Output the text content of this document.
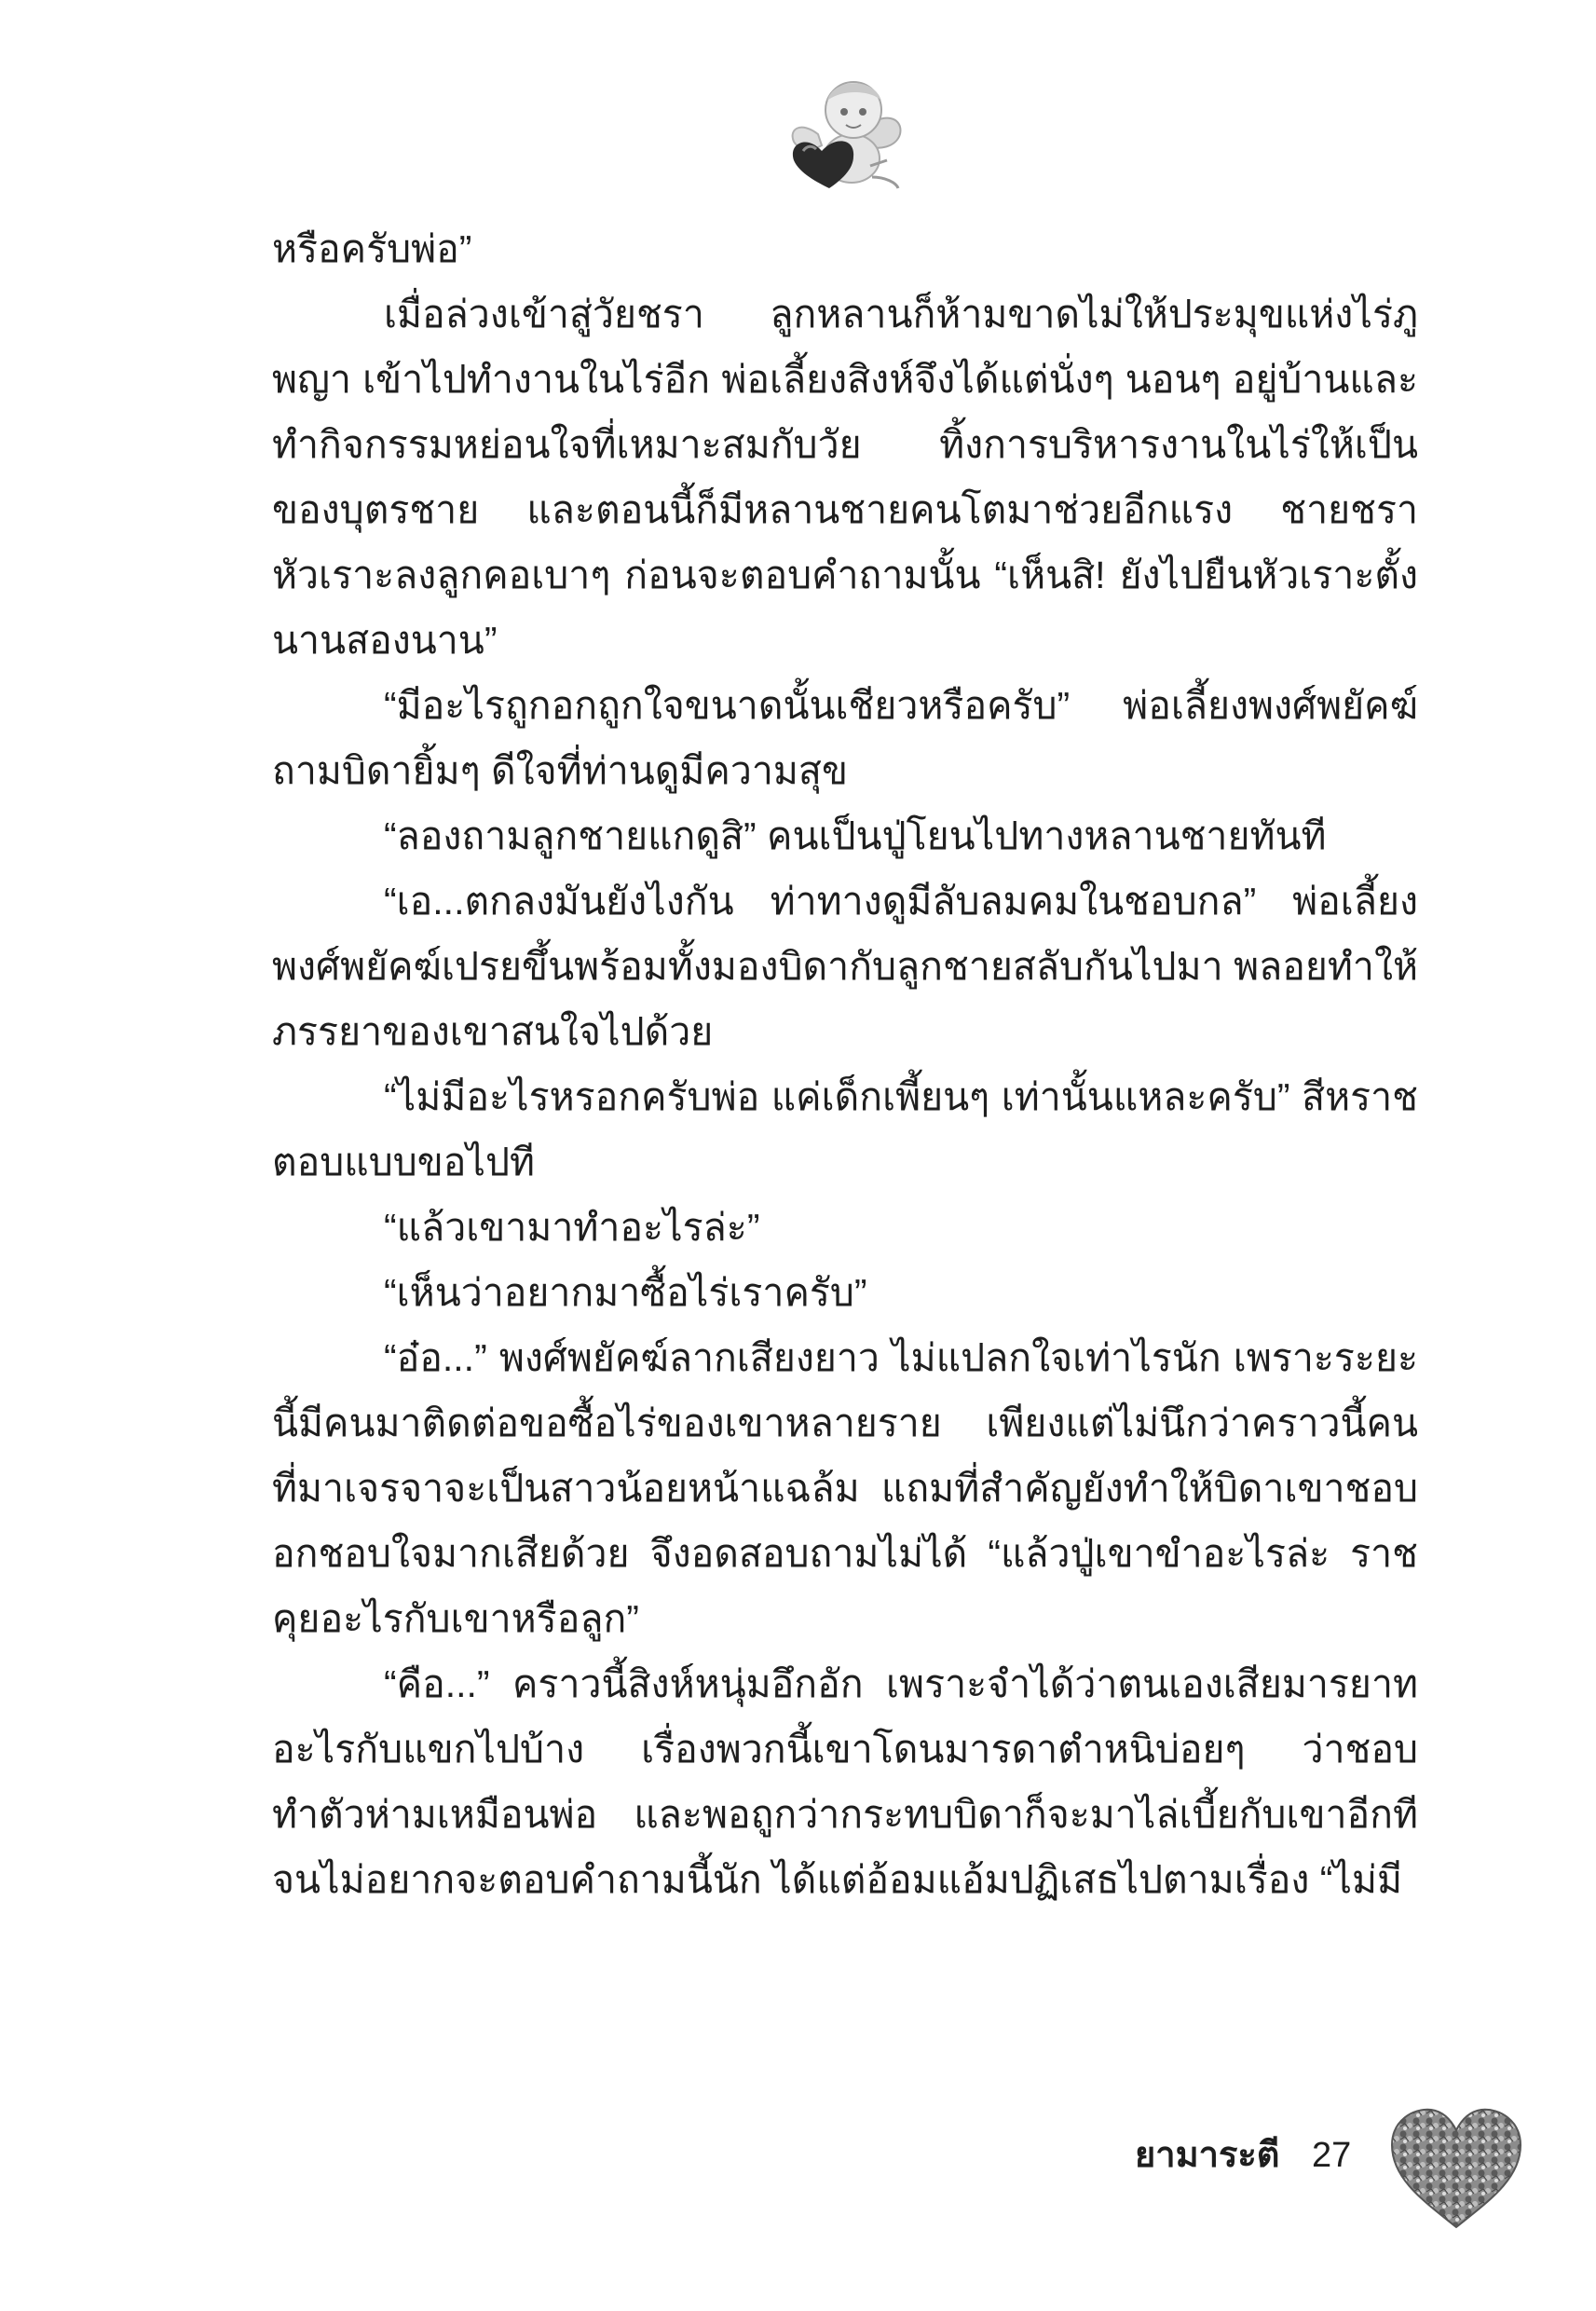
หรือครับพ่อ”

เมื่อล่วงเข้าสู่วัยชรา ลูกหลานก็ห้ามขาดไม่ให้ประมุขแห่งไร่ภูพญา เข้าไปทำงานในไร่อีก พ่อเลี้ยงสิงห์จึงได้แต่นั่งๆ นอนๆ อยู่บ้านและทำกิจกรรมหย่อนใจที่เหมาะสมกับวัย ทิ้งการบริหารงานในไร่ให้เป็นของบุตรชาย และตอนนี้ก็มีหลานชายคนโตมาช่วยอีกแรง ชายชราหัวเราะลงลูกคอเบาๆ ก่อนจะตอบคำถามนั้น “เห็นสิ! ยังไปยืนหัวเราะตั้งนานสองนาน”

“มีอะไรถูกอกถูกใจขนาดนั้นเชียวหรือครับ” พ่อเลี้ยงพงศ์พยัคฆ์ถามบิดายิ้มๆ ดีใจที่ท่านดูมีความสุข

“ลองถามลูกชายแกดูสิ” คนเป็นปู่โยนไปทางหลานชายทันที

“เอ...ตกลงมันยังไงกัน ท่าทางดูมีลับลมคมในชอบกล” พ่อเลี้ยงพงศ์พยัคฆ์เปรยขึ้นพร้อมทั้งมองบิดากับลูกชายสลับกันไปมา พลอยทำให้ภรรยาของเขาสนใจไปด้วย

“ไม่มีอะไรหรอกครับพ่อ แค่เด็กเพี้ยนๆ เท่านั้นแหละครับ” สีหราชตอบแบบขอไปที

“แล้วเขามาทำอะไรล่ะ”

“เห็นว่าอยากมาซื้อไร่เราครับ”

“อ๋อ...” พงศ์พยัคฆ์ลากเสียงยาว ไม่แปลกใจเท่าไรนัก เพราะระยะนี้มีคนมาติดต่อขอซื้อไร่ของเขาหลายราย เพียงแต่ไม่นึกว่าคราวนี้คนที่มาเจรจาจะเป็นสาวน้อยหน้าแฉล้ม แถมที่สำคัญยังทำให้บิดาเขาชอบอกชอบใจมากเสียด้วย จึงอดสอบถามไม่ได้ “แล้วปู่เขาขำอะไรล่ะ ราชคุยอะไรกับเขาหรือลูก”

“คือ...” คราวนี้สิงห์หนุ่มอึกอัก เพราะจำได้ว่าตนเองเสียมารยาทอะไรกับแขกไปบ้าง เรื่องพวกนี้เขาโดนมารดาตำหนิบ่อยๆ ว่าชอบทำตัวห่ามเหมือนพ่อ และพอถูกว่ากระทบบิดาก็จะมาไล่เบี้ยกับเขาอีกทีจนไม่อยากจะตอบคำถามนี้นัก ได้แต่อ้อมแอ้มปฏิเสธไปตามเรื่อง “ไม่มี

ยามาระตี 27
